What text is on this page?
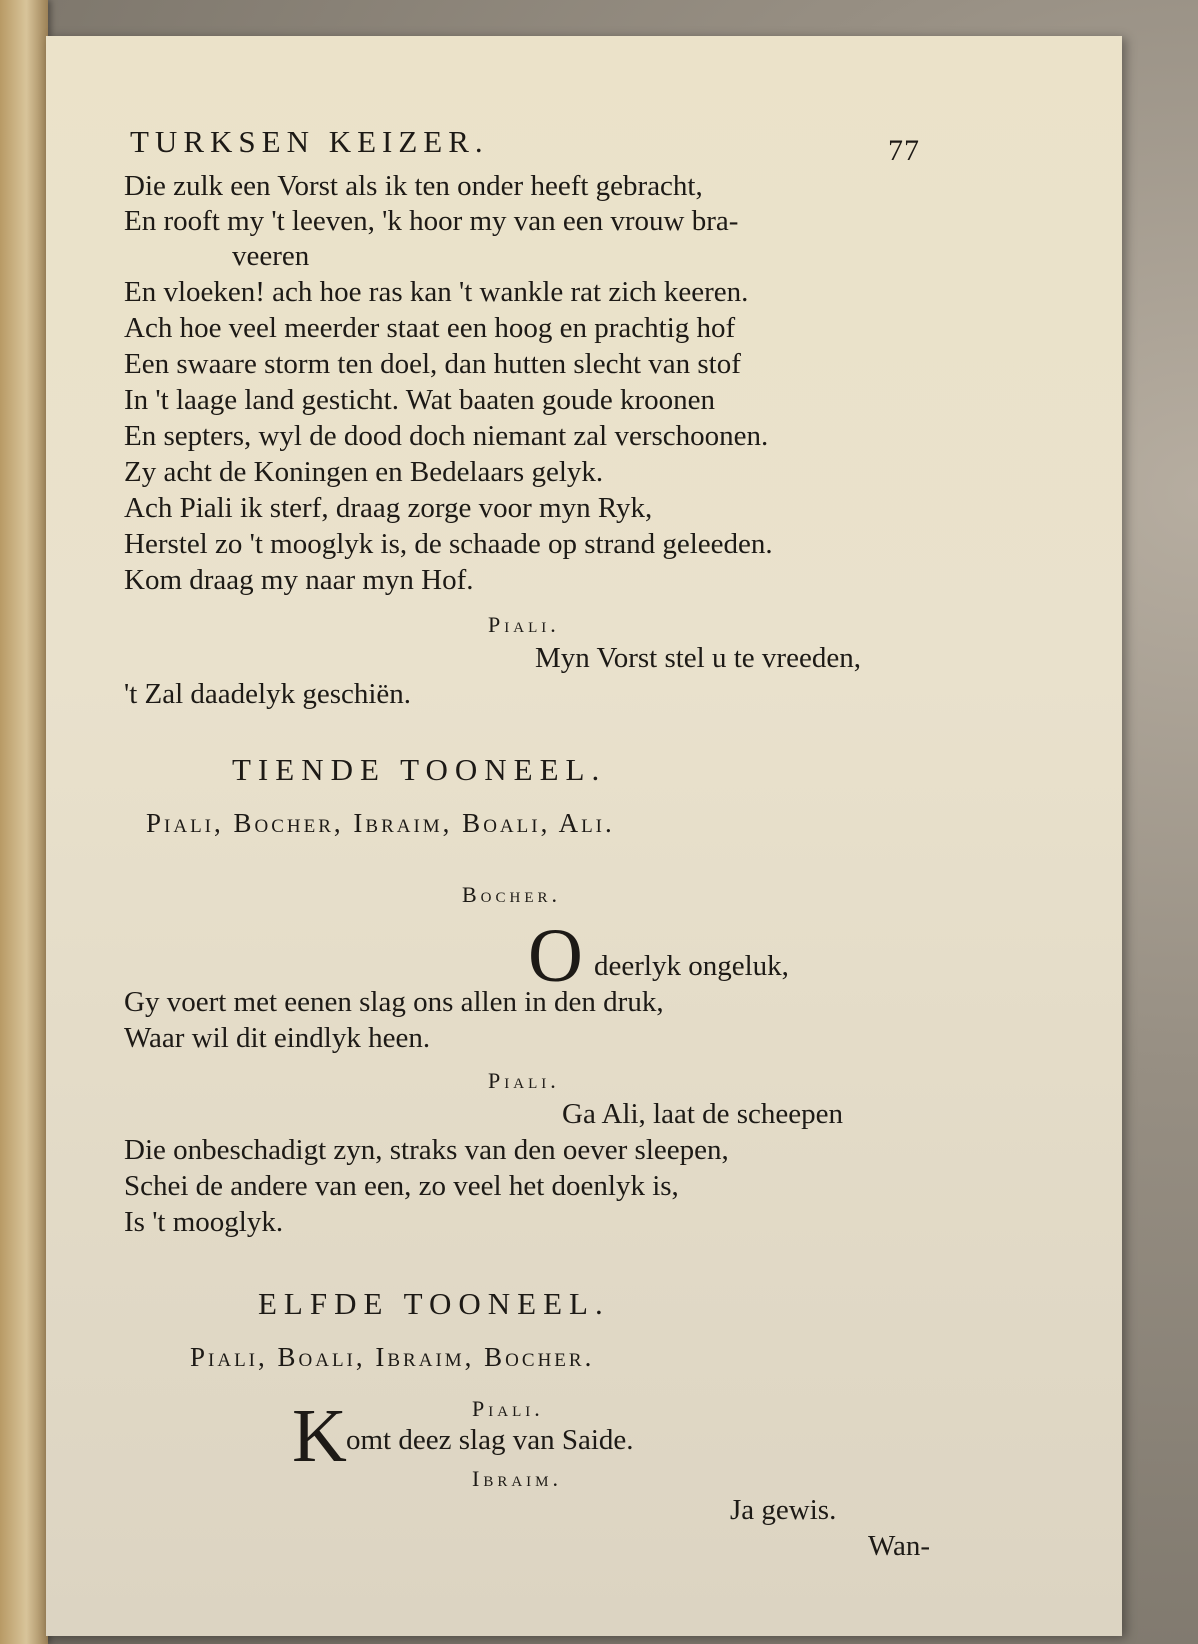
TURKSEN KEIZER.	77
Die zulk een Vorst als ik ten onder heeft gebracht,
En rooft my 't leeven, 'k hoor my van een vrouw bra-
veeren
En vloeken! ach hoe ras kan 't wankle rat zich keeren.
Ach hoe veel meerder staat een hoog en prachtig hof
Een swaare storm ten doel, dan hutten slecht van stof
In 't laage land gesticht. Wat baaten goude kroonen
En septers, wyl de dood doch niemant zal verschoonen.
Zy acht de Koningen en Bedelaars gelyk.
Ach Piali ik sterf, draag zorge voor myn Ryk,
Herstel zo 't mooglyk is, de schaade op strand geleeden.
Kom draag my naar myn Hof.
Piali.
Myn Vorst stel u te vreeden,
't Zal daadelyk geschiën.
TIENDE TOONEEL.
Piali, Bocher, Ibraim, Boali, Ali.
Bocher.
O deerlyk ongeluk,
Gy voert met eenen slag ons allen in den druk,
Waar wil dit eindlyk heen.
Piali.
Ga Ali, laat de scheepen
Die onbeschadigt zyn, straks van den oever sleepen,
Schei de andere van een, zo veel het doenlyk is,
Is 't mooglyk.
ELFDE TOONEEL.
Piali, Boali, Ibraim, Bocher.
Piali.
K omt deez slag van Saide.
Ibraim.
Ja gewis.
Wan-
